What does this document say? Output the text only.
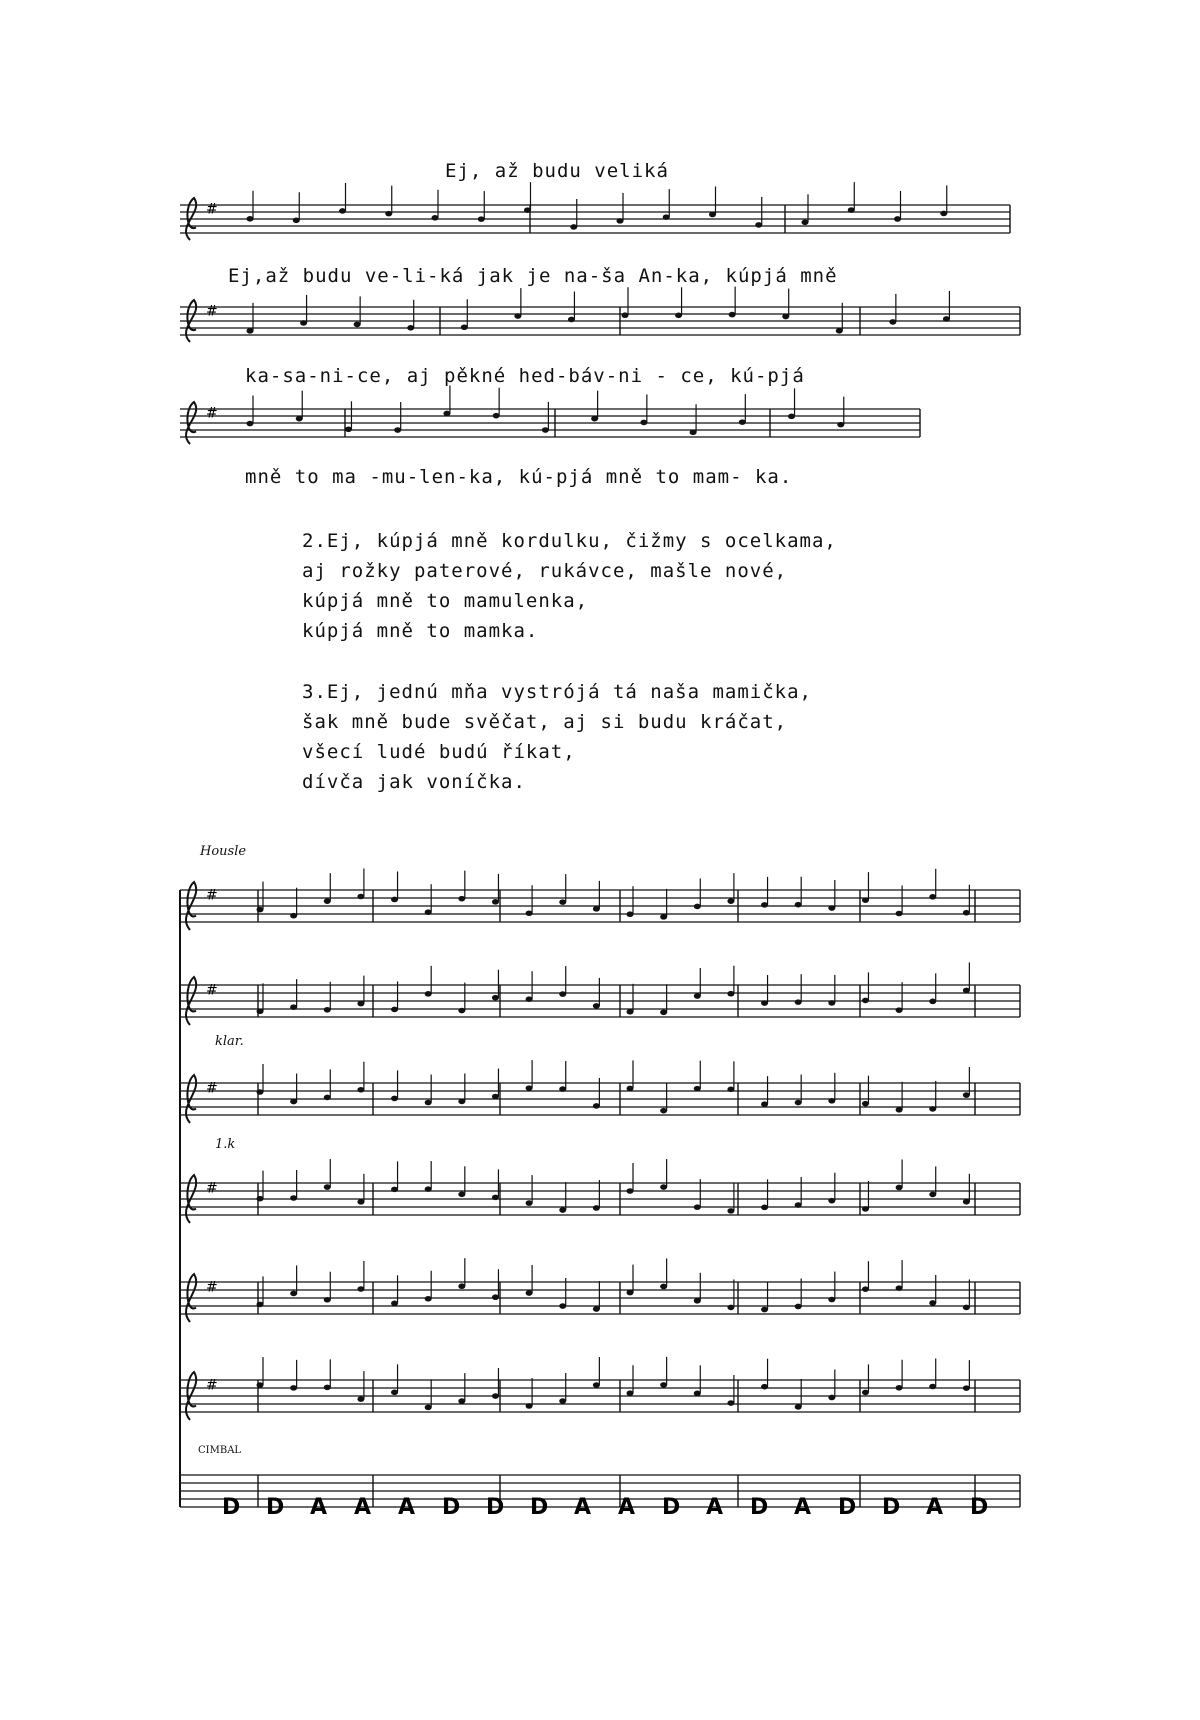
Ej, až budu veliká
#
#
#
#
#
#
#
#
#
D D A A A D D D A A D A D A D D A D
Ej,až budu ve-li-ká jak je na-ša An-ka, kúpjá mně
ka-sa-ni-ce, aj pěkné hed-báv-ni - ce, kú-pjá
mně to ma -mu-len-ka, kú-pjá mně to mam- ka.
2.Ej, kúpjá mně kordulku, čižmy s ocelkama,
aj rožky paterové, rukávce, mašle nové,
kúpjá mně to mamulenka,
kúpjá mně to mamka.
3.Ej, jednú mňa vystrójá tá naša mamička,
šak mně bude svěčat, aj si budu kráčat,
všecí ludé budú říkat,
dívča jak voníčka.
Housle
klar.
1.k
CIMBAL
